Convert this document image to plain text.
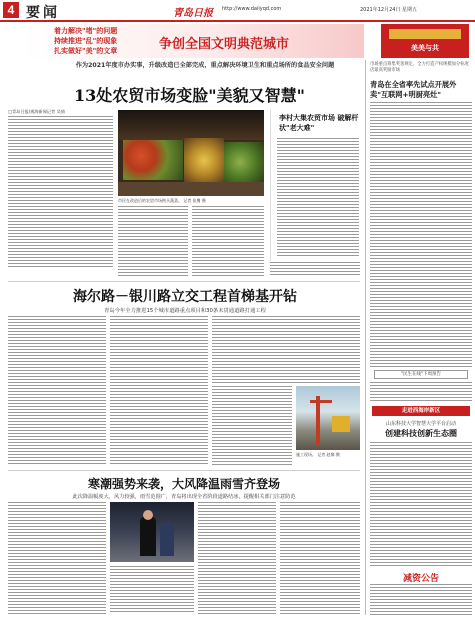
4 要闻	青岛日报 http://www.dailyqd.com	2021年12月24日 星期五
着力解决"堵"的问题
持续推进"乱"的现象
扎实做好"美"的文章	争创全国文明典范城市	美美与共
作为2021年度市办实事，升级改造已全部完成，重点解决环境卫生和重点场所的食品安全问题
13处农贸市场变脸"美貌又智慧"
□青岛日报/观海新闻记者 吴倩
市民在改造后的农贸市场购买蔬菜。 记者 张鹰 摄
李村大集农贸市场 破解杆状"老大难"
市场重点筹集奖惩规定，全力打造产权规模加分标度店最高奖励市场
青岛在全省率先试点开展外卖"互联网+明厨亮灶"
"民生在线"下周预告
走进西海岸新区
山东科技大学智慧大学平台启动
创建科技创新生态圈
减资公告
海尔路－银川路立交工程首梯基开钻
青岛今年全力推进15个城市道路重点项目和30条未贯通道路打通工程
施工现场。 记者 赵黎 摄
寒潮强势来袭，大风降温雨雪齐登场
此次降温幅度大，风力较强，雨雪范围广，青岛将出现全省阶段道路结冰，提醒相关部门注意防范
